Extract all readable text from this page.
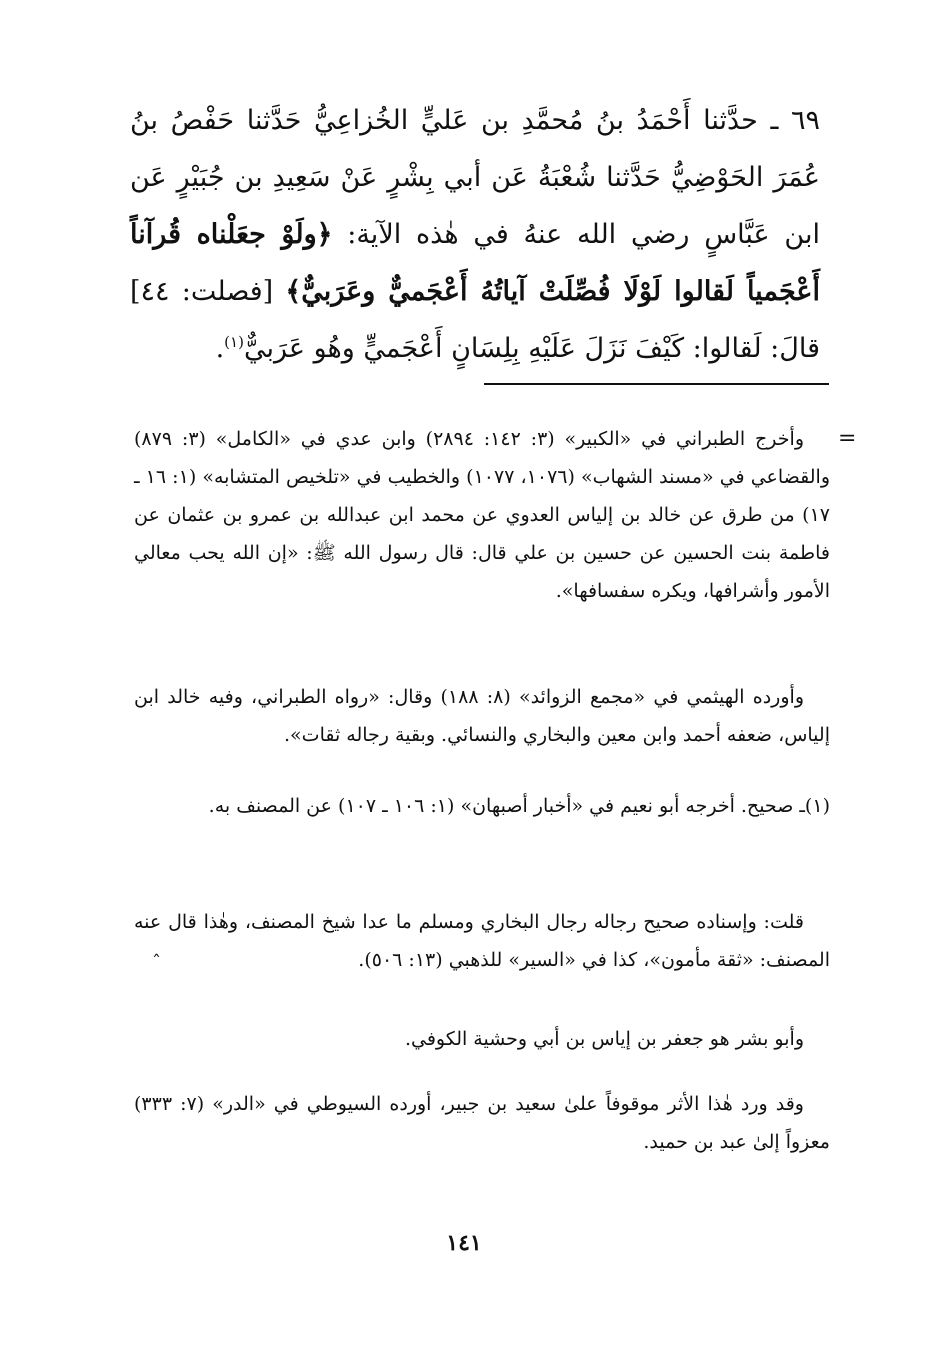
٦٩ ـ حدَّثنا أَحْمَدُ بنُ مُحمَّدِ بن عَليٍّ الخُزاعِيُّ حَدَّثنا حَفْصُ بنُ عُمَرَ الحَوْضِيُّ حَدَّثنا شُعْبَةُ عَن أبي بِشْرٍ عَنْ سَعِيدِ بن جُبَيْرٍ عَن ابن عَبَّاسٍ رضي الله عنهُ في هٰذه الآية: ﴿ولَوْ جعَلْناه قُرآناً أَعْجَمياً لَقالوا لَوْلَا فُصِّلَتْ آياتُهُ أَعْجَميٌّ وعَرَبيٌّ﴾ [فصلت: ٤٤] قالَ: لَقالوا: كَيْفَ نَزَلَ عَلَيْهِ بِلِسَانٍ أَعْجَميٍّ وهُو عَرَبيٌّ$^{(١)}$.

=

وأخرج الطبراني في «الكبير» (٣: ١٤٢: ٢٨٩٤) وابن عدي في «الكامل» (٣: ٨٧٩) والقضاعي في «مسند الشهاب» (١٠٧٦، ١٠٧٧) والخطيب في «تلخيص المتشابه» (١: ١٦ ـ ١٧) من طرق عن خالد بن إلياس العدوي عن محمد ابن عبدالله بن عمرو بن عثمان عن فاطمة بنت الحسين عن حسين بن علي قال: قال رسول الله ﷺ: «إن الله يحب معالي الأمور وأشرافها، ويكره سفسافها».

وأورده الهيثمي في «مجمع الزوائد» (٨: ١٨٨) وقال: «رواه الطبراني، وفيه خالد ابن إلياس، ضعفه أحمد وابن معين والبخاري والنسائي. وبقية رجاله ثقات».

(١)ـ صحيح. أخرجه أبو نعيم في «أخبار أصبهان» (١: ١٠٦ ـ ١٠٧) عن المصنف به.

قلت: وإسناده صحيح رجاله رجال البخاري ومسلم ما عدا شيخ المصنف، وهٰذا قال عنه المصنف: «ثقة مأمون»، كذا في «السير» للذهبي (١٣: ٥٠٦).

ˆ

وأبو بشر هو جعفر بن إياس بن أبي وحشية الكوفي.

وقد ورد هٰذا الأثر موقوفاً علىٰ سعيد بن جبير، أورده السيوطي في «الدر» (٧: ٣٣٣) معزواً إلىٰ عبد بن حميد.

١٤١
